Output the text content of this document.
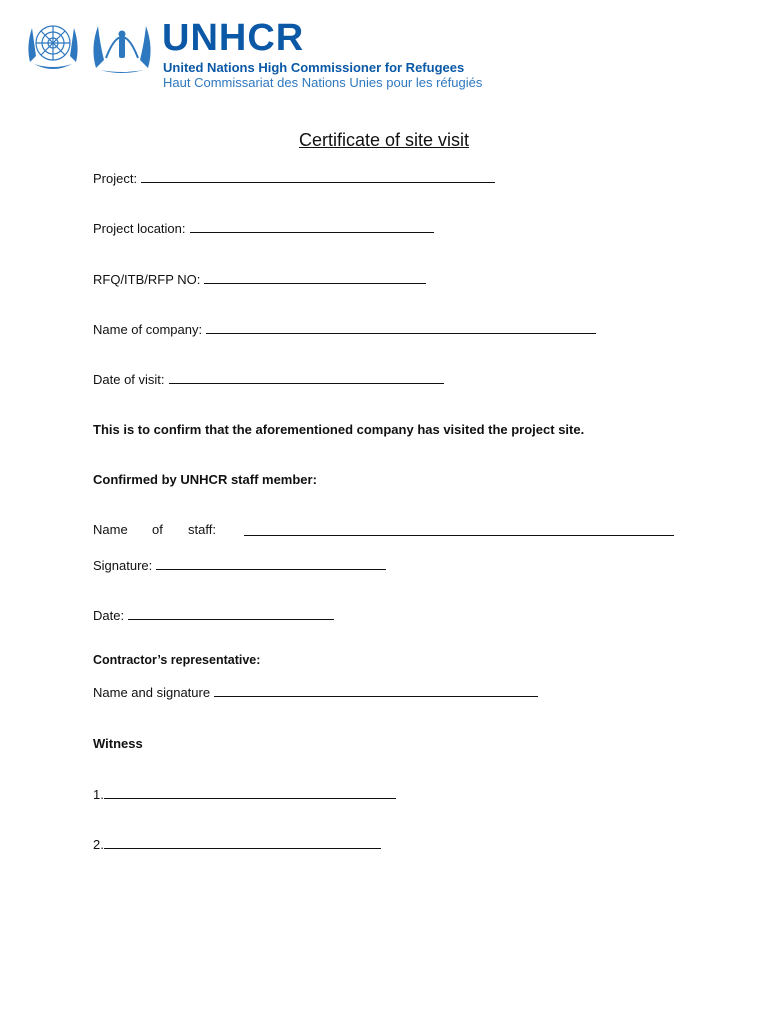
UNHCR
United Nations High Commissioner for Refugees
Haut Commissariat des Nations Unies pour les réfugiés
Certificate of site visit
Project:
Project location:
RFQ/ITB/RFP NO:
Name of company:
Date of visit:
This is to confirm that the aforementioned company has visited the project site.
Confirmed by UNHCR staff member:
Name of staff:
Signature:
Date:
Contractor’s representative:
Name and signature
Witness
1.
2.
